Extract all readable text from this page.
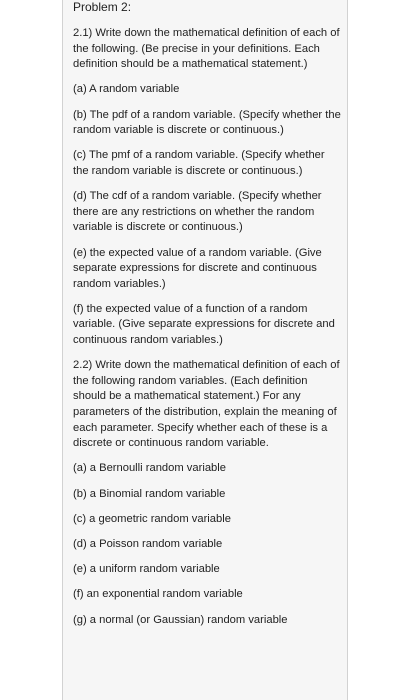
Problem 2:
2.1) Write down the mathematical definition of each of the following. (Be precise in your definitions. Each definition should be a mathematical statement.)
(a) A random variable
(b) The pdf of a random variable. (Specify whether the random variable is discrete or continuous.)
(c) The pmf of a random variable. (Specify whether the random variable is discrete or continuous.)
(d) The cdf of a random variable. (Specify whether there are any restrictions on whether the random variable is discrete or continuous.)
(e) the expected value of a random variable. (Give separate expressions for discrete and continuous random variables.)
(f) the expected value of a function of a random variable. (Give separate expressions for discrete and continuous random variables.)
2.2) Write down the mathematical definition of each of the following random variables. (Each definition should be a mathematical statement.) For any parameters of the distribution, explain the meaning of each parameter. Specify whether each of these is a discrete or continuous random variable.
(a) a Bernoulli random variable
(b) a Binomial random variable
(c) a geometric random variable
(d) a Poisson random variable
(e) a uniform random variable
(f) an exponential random variable
(g) a normal (or Gaussian) random variable
